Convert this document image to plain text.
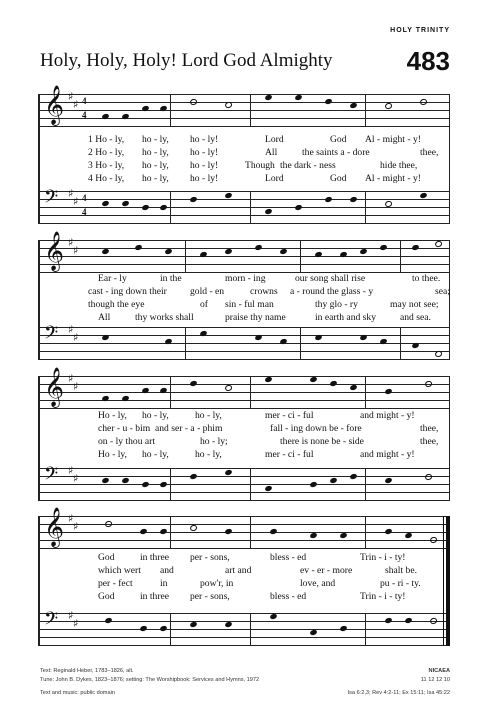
HOLY TRINITY
Holy, Holy, Holy! Lord God Almighty	483
𝄞 ♯
♯ 4
4
𝄢 ♯
♯ 4
4
1 Ho - ly, ho - ly, ho - ly!	Lord	God Al - might - y!
2 Ho - ly, ho - ly, ho - ly!	All	the saints a - dore	thee,
3 Ho - ly, ho - ly, ho - ly!	Though the dark - ness	hide thee,
4 Ho - ly, ho - ly, ho - ly!	Lord	God Al - might - y!
𝄞 ♯
♯
𝄢 ♯
♯
Ear - ly	in the	morn - ing	our song shall rise	to thee.
cast - ing down their gold - en	crowns a - round the glass - y	sea;
though the eye	of sin - ful man	thy glo - ry	may not see;
All	thy works shall	praise thy name	in earth and sky and sea.
𝄞 ♯
♯
𝄢 ♯
♯
Ho - ly, ho - ly,	ho - ly,	mer - ci - ful	and might - y!
cher - u - bim and ser - a - phim	fall - ing down be - fore	thee,
on - ly thou art	ho - ly;	there is none be - side	thee,
Ho - ly, ho - ly,	ho - ly,	mer - ci - ful	and might - y!
𝄞 ♯
♯
𝄢 ♯
♯
God	in three per - sons,	bless - ed	Trin - i - ty!
which wert and	art and	ev - er - more	shalt be.
per - fect	in	pow'r, in	love, and	pu - ri - ty.
God	in three per - sons,	bless - ed	Trin - i - ty!
Text: Reginald Heber, 1783–1826, alt.
Tune: John B. Dykes, 1823–1876; setting: The Worshipbook: Services and Hymns, 1972
Text and music: public domain
NICAEA
11 12 12 10
Isa 6:2,3; Rev 4:2-11; Ex 15:11; Isa 45:22
